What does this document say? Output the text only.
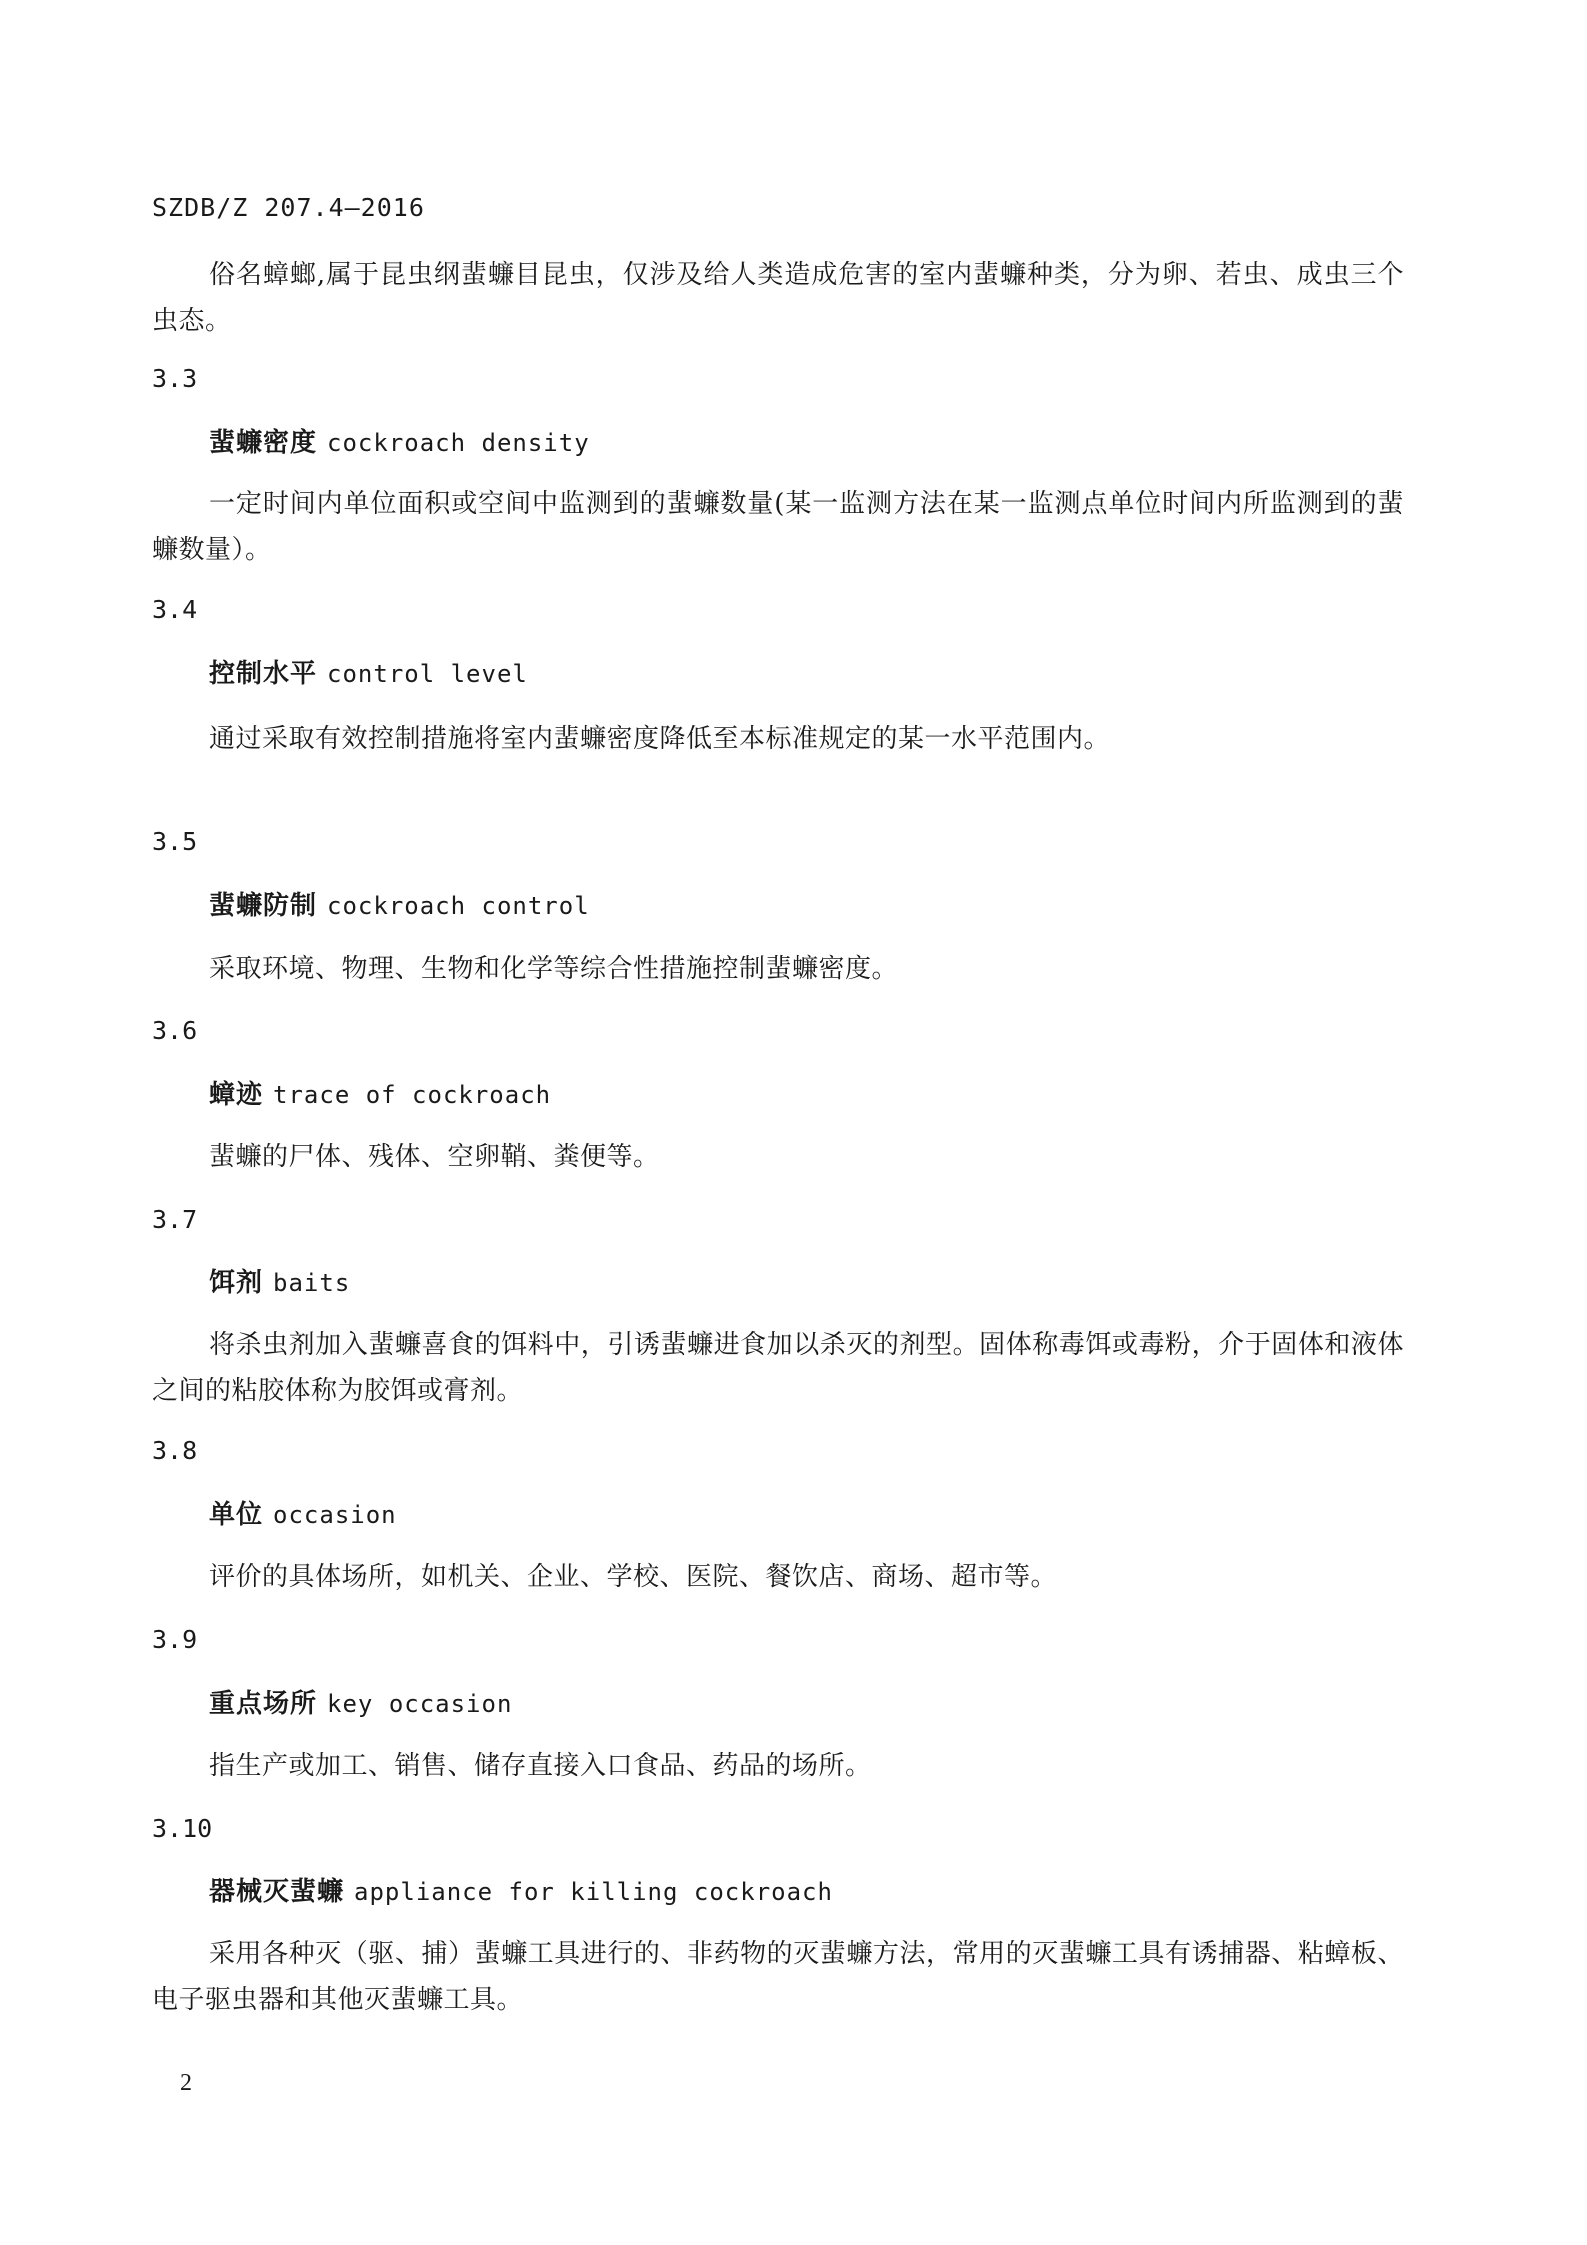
SZDB/Z 207.4—2016
俗名蟑螂,属于昆虫纲蜚蠊目昆虫，仅涉及给人类造成危害的室内蜚蠊种类，分为卵、若虫、成虫三个虫态。
3.3
蜚蠊密度 cockroach density
一定时间内单位面积或空间中监测到的蜚蠊数量(某一监测方法在某一监测点单位时间内所监测到的蜚蠊数量）。
3.4
控制水平 control level
通过采取有效控制措施将室内蜚蠊密度降低至本标准规定的某一水平范围内。
3.5
蜚蠊防制 cockroach control
采取环境、物理、生物和化学等综合性措施控制蜚蠊密度。
3.6
蟑迹 trace of cockroach
蜚蠊的尸体、残体、空卵鞘、粪便等。
3.7
饵剂 baits
将杀虫剂加入蜚蠊喜食的饵料中，引诱蜚蠊进食加以杀灭的剂型。固体称毒饵或毒粉，介于固体和液体之间的粘胶体称为胶饵或膏剂。
3.8
单位 occasion
评价的具体场所，如机关、企业、学校、医院、餐饮店、商场、超市等。
3.9
重点场所 key occasion
指生产或加工、销售、储存直接入口食品、药品的场所。
3.10
器械灭蜚蠊 appliance for killing cockroach
采用各种灭（驱、捕）蜚蠊工具进行的、非药物的灭蜚蠊方法，常用的灭蜚蠊工具有诱捕器、粘蟑板、电子驱虫器和其他灭蜚蠊工具。
2
